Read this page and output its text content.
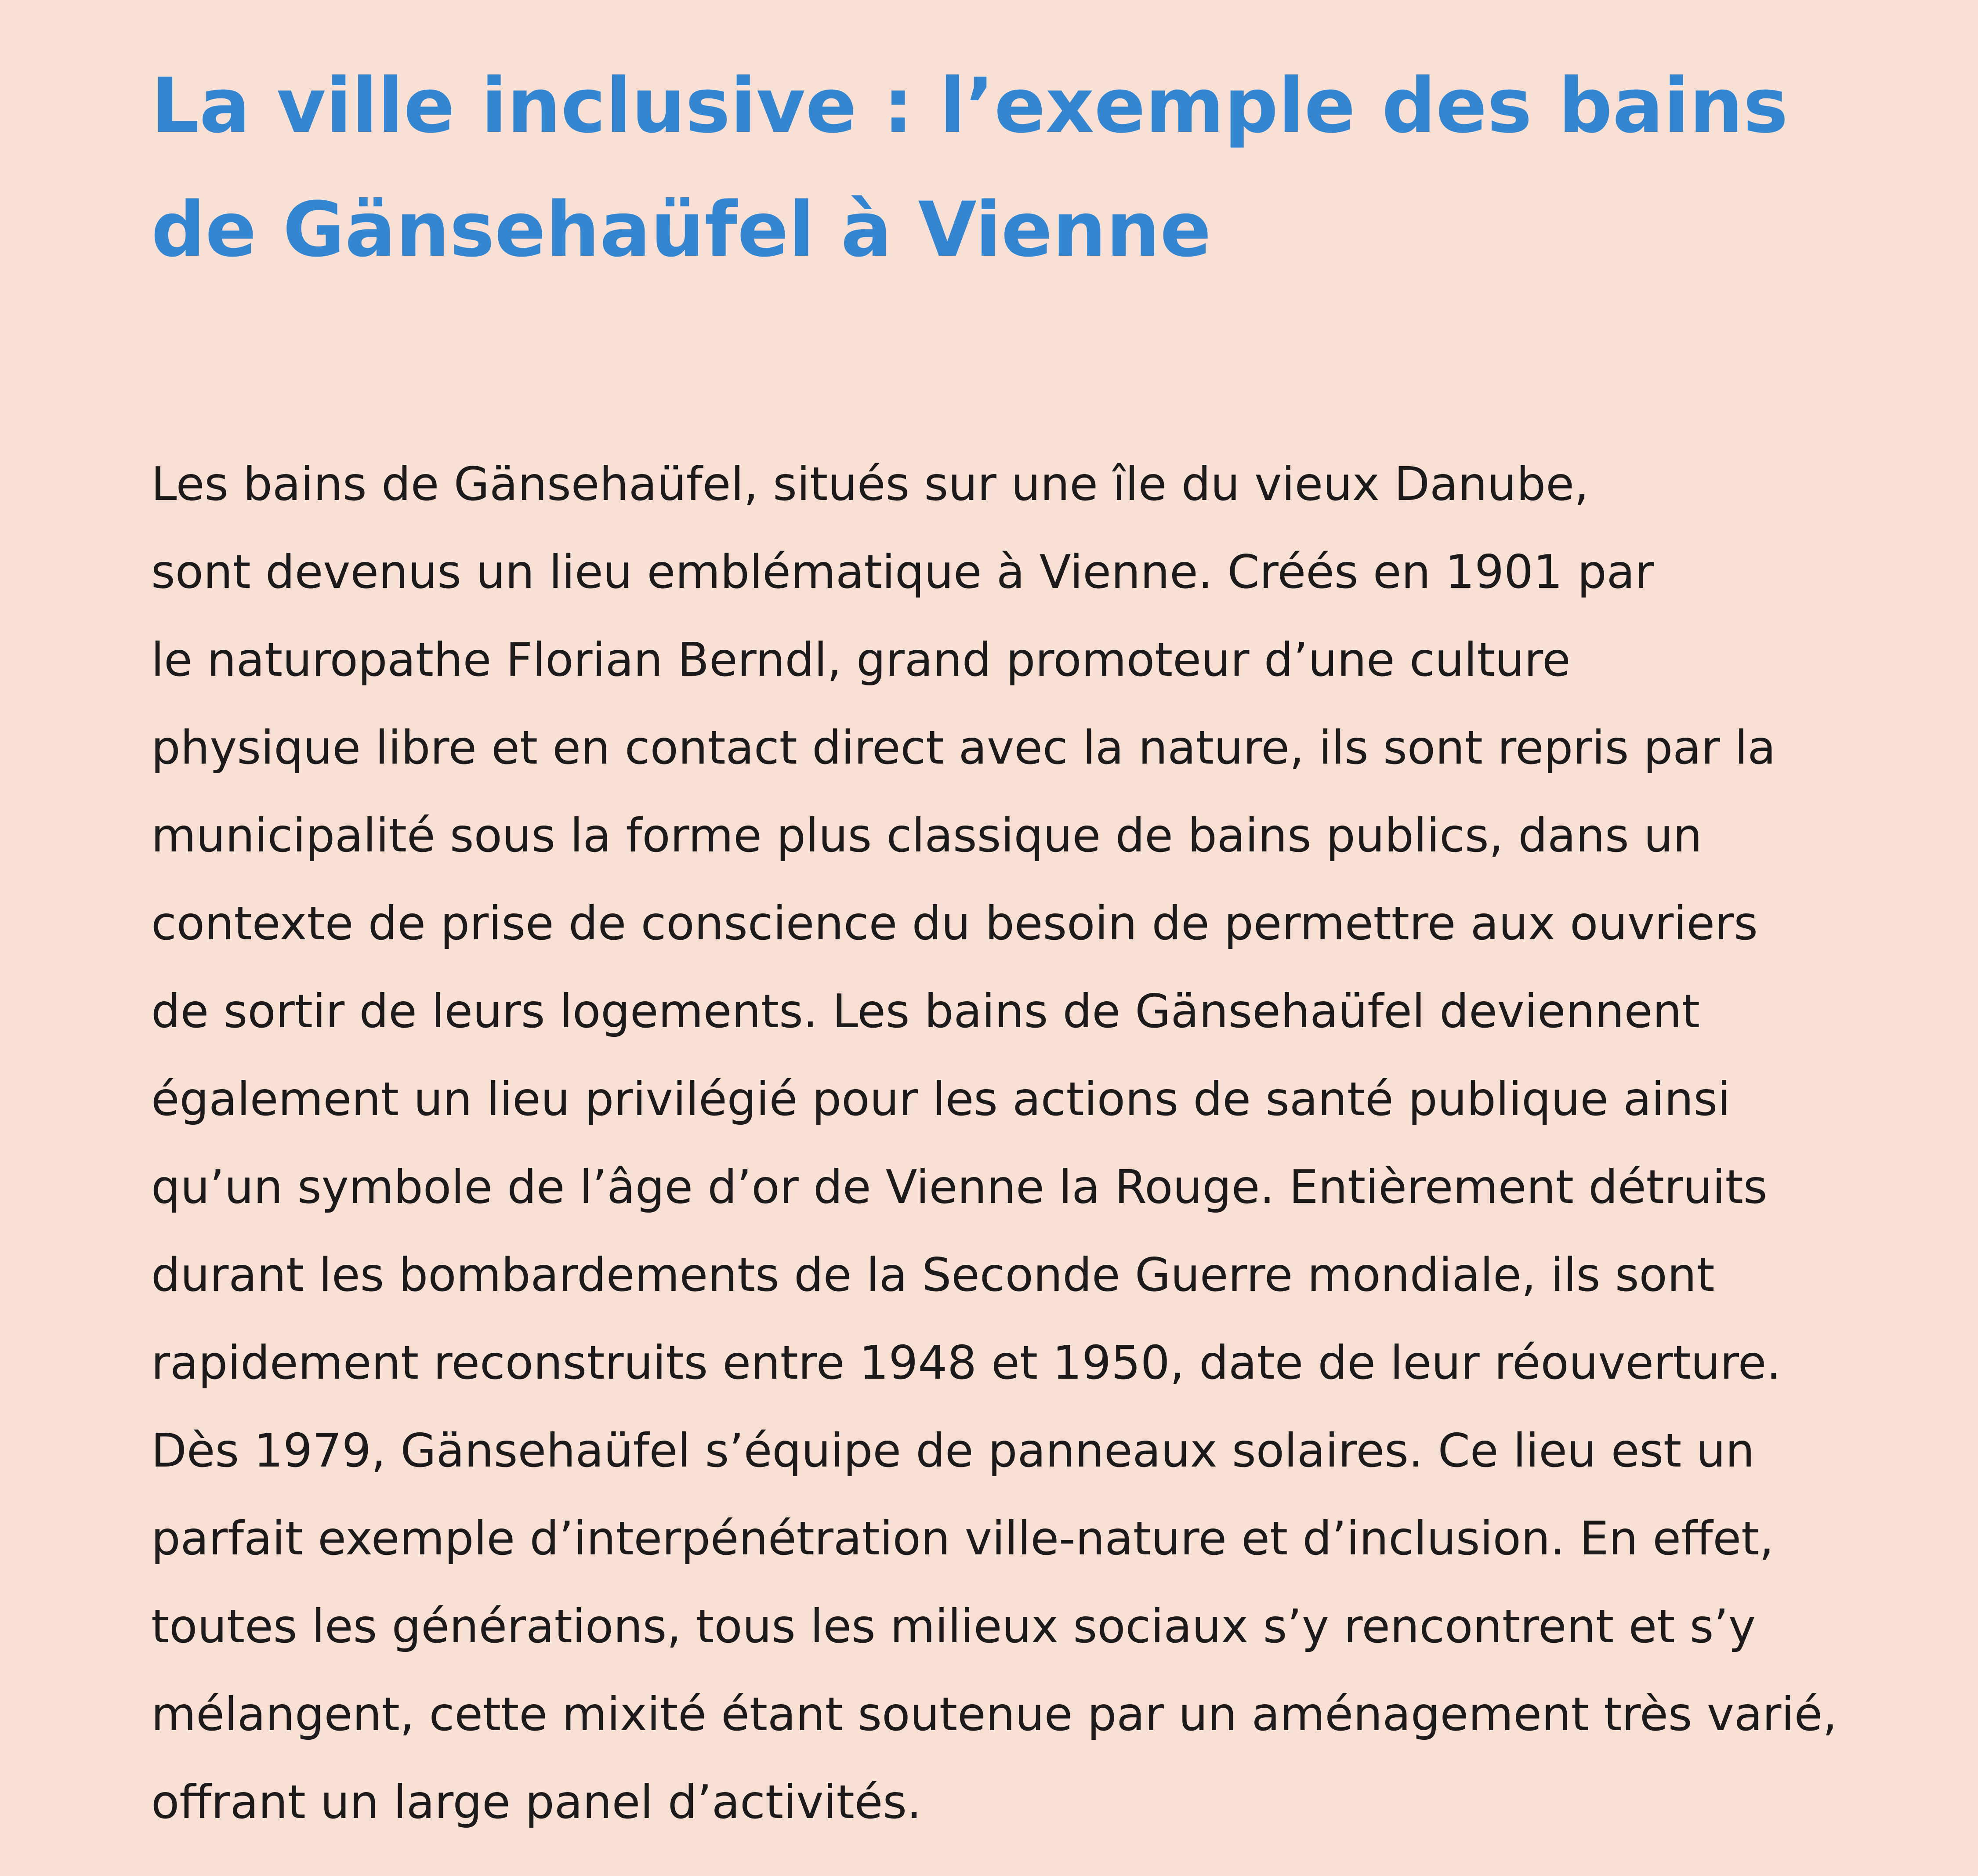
La ville inclusive : l’exemple des bains
de Gänsehaüfel à Vienne

Les bains de Gänsehaüfel, situés sur une île du vieux Danube,
sont devenus un lieu emblématique à Vienne. Créés en 1901 par
le naturopathe Florian Berndl, grand promoteur d’une culture
physique libre et en contact direct avec la nature, ils sont repris par la
municipalité sous la forme plus classique de bains publics, dans un
contexte de prise de conscience du besoin de permettre aux ouvriers
de sortir de leurs logements. Les bains de Gänsehaüfel deviennent
également un lieu privilégié pour les actions de santé publique ainsi
qu’un symbole de l’âge d’or de Vienne la Rouge. Entièrement détruits
durant les bombardements de la Seconde Guerre mondiale, ils sont
rapidement reconstruits entre 1948 et 1950, date de leur réouverture.
Dès 1979, Gänsehaüfel s’équipe de panneaux solaires. Ce lieu est un
parfait exemple d’interpénétration ville-nature et d’inclusion. En effet,
toutes les générations, tous les milieux sociaux s’y rencontrent et s’y
mélangent, cette mixité étant soutenue par un aménagement très varié,
offrant un large panel d’activités.
